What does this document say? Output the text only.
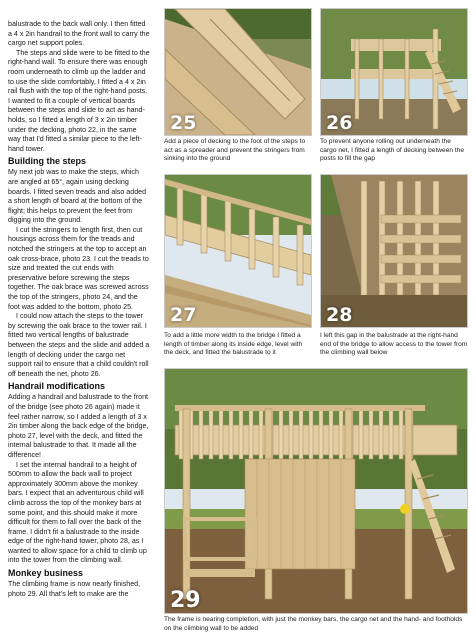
balustrade to the back wall only. I then fitted a 4 x 2in handrail to the front wall to carry the cargo net support poles.

The steps and slide were to be fitted to the right-hand wall. To ensure there was enough room underneath to climb up the ladder and to use the slide comfortably, I fitted a 4 x 2in rail flush with the top of the right-hand posts. I wanted to fit a couple of vertical boards between the steps and slide to act as hand-holds, so I fitted a length of 3 x 2in timber under the decking, photo 22, in the same way that I'd fitted a similar piece to the left-hand tower.

Building the steps

My next job was to make the steps, which are angled at 65°, again using decking boards. I fitted seven treads and also added a short length of board at the bottom of the flight; this helps to prevent the feet from digging into the ground.

I cut the stringers to length first, then cut housings across them for the treads and notched the stringers at the top to accept an oak cross-brace, photo 23. I cut the treads to size and treated the cut ends with preservative before screwing the steps together. The oak brace was screwed across the top of the stringers, photo 24, and the foot was added to the bottom, photo 25.

I could now attach the steps to the tower by screwing the oak brace to the tower rail. I fitted two vertical lengths of balustrade between the steps and the slide and added a length of decking under the cargo net support rail to ensure that a child couldn't roll off beneath the net, photo 26.

Handrail modifications

Adding a handrail and balustrade to the front of the bridge (see photo 26 again) made it feel rather narrow, so I added a length of 3 x 2in timber along the back edge of the bridge, photo 27, level with the deck, and fitted the internal balustrade to that. It made all the difference!

I set the internal handrail to a height of 500mm to allow the back wall to project approximately 300mm above the monkey bars. I expect that an adventurous child will climb across the top of the monkey bars at some point, and this should make it more difficult for them to fall over the back of the frame. I didn't fit a balustrade to the inside edge of the right-hand tower, photo 28, as I wanted to allow space for a child to climb up into the tower from the climbing wall.

Monkey business

The climbing frame is now nearly finished, photo 29. All that's left to make are the

25
Add a piece of decking to the foot of the steps to act as a spreader and prevent the stringers from sinking into the ground
26
To prevent anyone rolling out underneath the cargo net, I fitted a length of decking between the posts to fill the gap
27
To add a little more width to the bridge I fitted a length of timber along its inside edge, level with the deck, and fitted the balustrade to it
28
I left this gap in the balustrade at the right-hand end of the bridge to allow access to the tower from the climbing wall below
29
The frame is nearing completion, with just the monkey bars, the cargo net and the hand- and footholds on the climbing wall to be added
